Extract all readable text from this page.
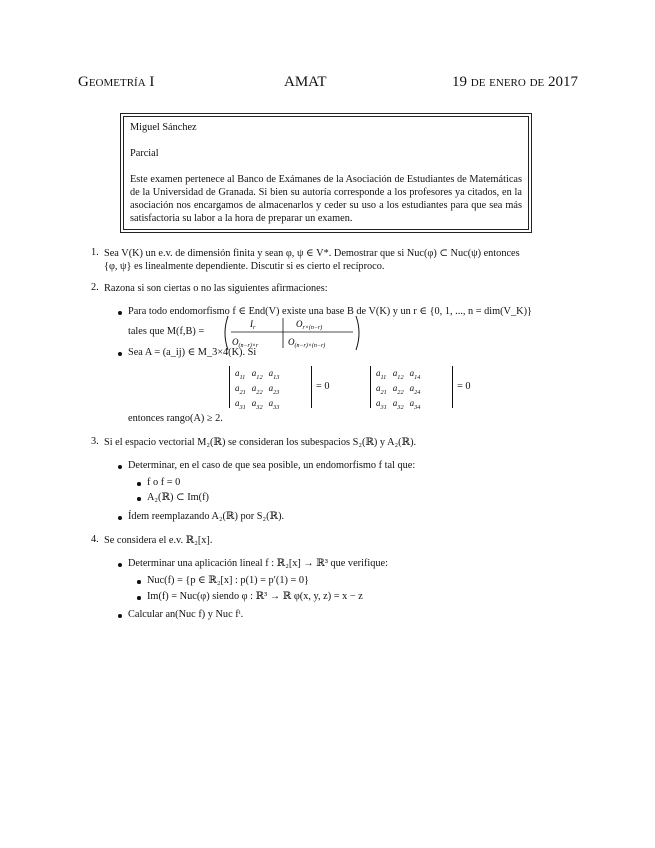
Geometría I	AMAT	19 de enero de 2017

Miguel Sánchez

Parcial

Este examen pertenece al Banco de Exámanes de la Asociación de Estudiantes de Matemáticas de la Universidad de Granada. Si bien su autoría corresponde a los profesores ya citados, en la asociación nos encargamos de almacenarlos y ceder su uso a los estudiantes para que sea más satisfactoria su labor a la hora de preparar un examen.

1. Sea V(K) un e.v. de dimensión finita y sean φ, ψ ∈ V*. Demostrar que si Nuc(φ) ⊂ Nuc(ψ) entonces
{φ, ψ} es linealmente dependiente. Discutir si es cierto el recíproco.
2. Razona si son ciertas o no las siguientes afirmaciones:
Para todo endomorfismo f ∈ End(V) existe una base B de V(K) y un r ∈ {0, 1, ..., n = dim(V_K)}
tales que M(f,B) =
$I_r$	$O_{r\times(n-r)}$
$O_{(n-r)\times r}$	$O_{(n-r)\times(n-r)}$
Sea A = (a_ij) ∈ M_3×4(K). Si
$a_{11}$	$a_{12}$	$a_{13}$
$a_{21}$	$a_{22}$	$a_{23}$
$a_{31}$	$a_{32}$	$a_{33}$
= 0
$a_{11}$	$a_{12}$	$a_{14}$
$a_{21}$	$a_{22}$	$a_{24}$
$a_{31}$	$a_{32}$	$a_{34}$
= 0
entonces rango(A) ≥ 2.
3. Si el espacio vectorial M₂(ℝ) se consideran los subespacios S₂(ℝ) y A₂(ℝ).
Determinar, en el caso de que sea posible, un endomorfismo f tal que:
f o f = 0
A₂(ℝ) ⊂ Im(f)
Ídem reemplazando A₂(ℝ) por S₂(ℝ).
4. Se considera el e.v. ℝ₂[x].
Determinar una aplicación lineal f : ℝ₂[x] → ℝ³ que verifique:
Nuc(f) = {p ∈ ℝ₂[x] : p(1) = p′(1) = 0}
Im(f) = Nuc(φ) siendo φ : ℝ³ → ℝ φ(x, y, z) = x − z
Calcular an(Nuc f) y Nuc fᵗ.
